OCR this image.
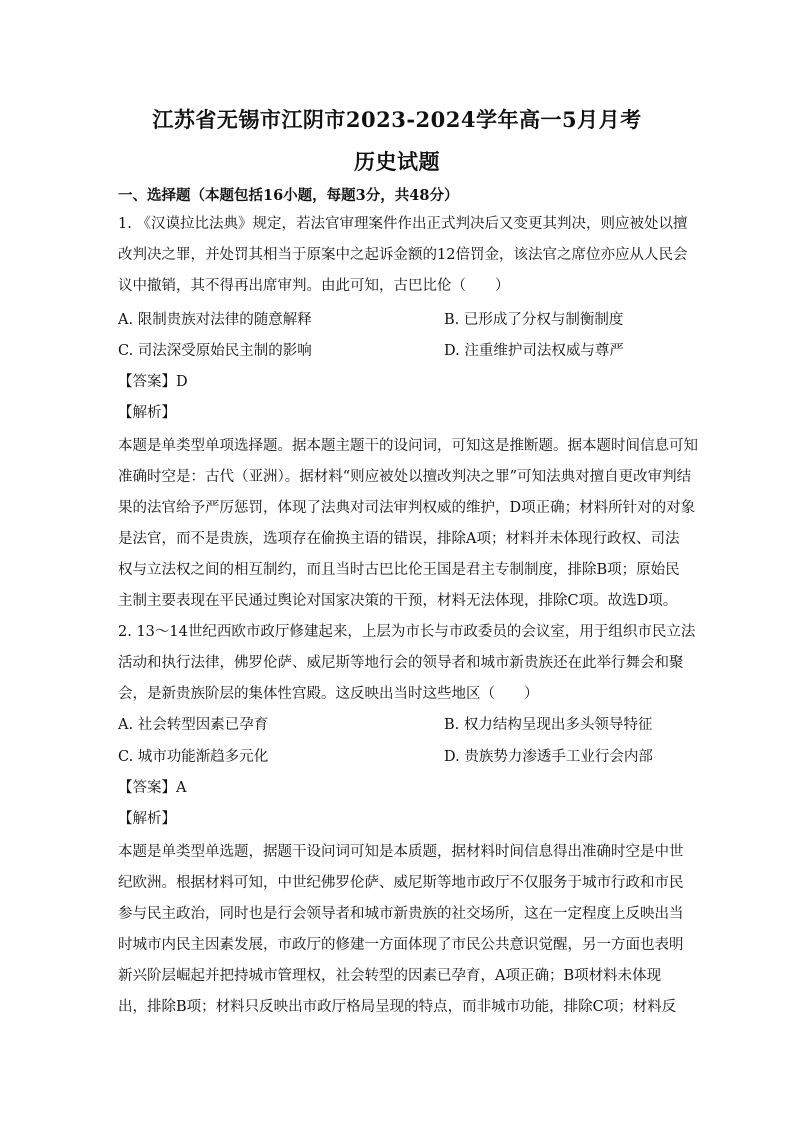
江苏省无锡市江阴市2023-2024学年高一5月月考
历史试题
一、选择题（本题包括16小题，每题3分，共48分）
1. 《汉谟拉比法典》规定，若法官审理案件作出正式判决后又变更其判决，则应被处以擅
改判决之罪，并处罚其相当于原案中之起诉金额的12倍罚金，该法官之席位亦应从人民会
议中撤销，其不得再出席审判。由此可知，古巴比伦（　　）
A. 限制贵族对法律的随意解释	B. 已形成了分权与制衡制度
C. 司法深受原始民主制的影响	D. 注重维护司法权威与尊严
【答案】D
【解析】
本题是单类型单项选择题。据本题主题干的设问词，可知这是推断题。据本题时间信息可知
准确时空是：古代（亚洲）。据材料“则应被处以擅改判决之罪”可知法典对擅自更改审判结
果的法官给予严厉惩罚，体现了法典对司法审判权威的维护，D项正确；材料所针对的对象
是法官，而不是贵族，选项存在偷换主语的错误，排除A项；材料并未体现行政权、司法
权与立法权之间的相互制约，而且当时古巴比伦王国是君主专制制度，排除B项；原始民
主制主要表现在平民通过舆论对国家决策的干预，材料无法体现，排除C项。故选D项。
2. 13～14世纪西欧市政厅修建起来，上层为市长与市政委员的会议室，用于组织市民立法
活动和执行法律，佛罗伦萨、威尼斯等地行会的领导者和城市新贵族还在此举行舞会和聚
会，是新贵族阶层的集体性宫殿。这反映出当时这些地区（　　）
A. 社会转型因素已孕育	B. 权力结构呈现出多头领导特征
C. 城市功能渐趋多元化	D. 贵族势力渗透手工业行会内部
【答案】A
【解析】
本题是单类型单选题，据题干设问词可知是本质题，据材料时间信息得出准确时空是中世
纪欧洲。根据材料可知，中世纪佛罗伦萨、威尼斯等地市政厅不仅服务于城市行政和市民
参与民主政治，同时也是行会领导者和城市新贵族的社交场所，这在一定程度上反映出当
时城市内民主因素发展，市政厅的修建一方面体现了市民公共意识觉醒，另一方面也表明
新兴阶层崛起并把持城市管理权，社会转型的因素已孕育，A项正确；B项材料未体现
出，排除B项；材料只反映出市政厅格局呈现的特点，而非城市功能，排除C项；材料反
